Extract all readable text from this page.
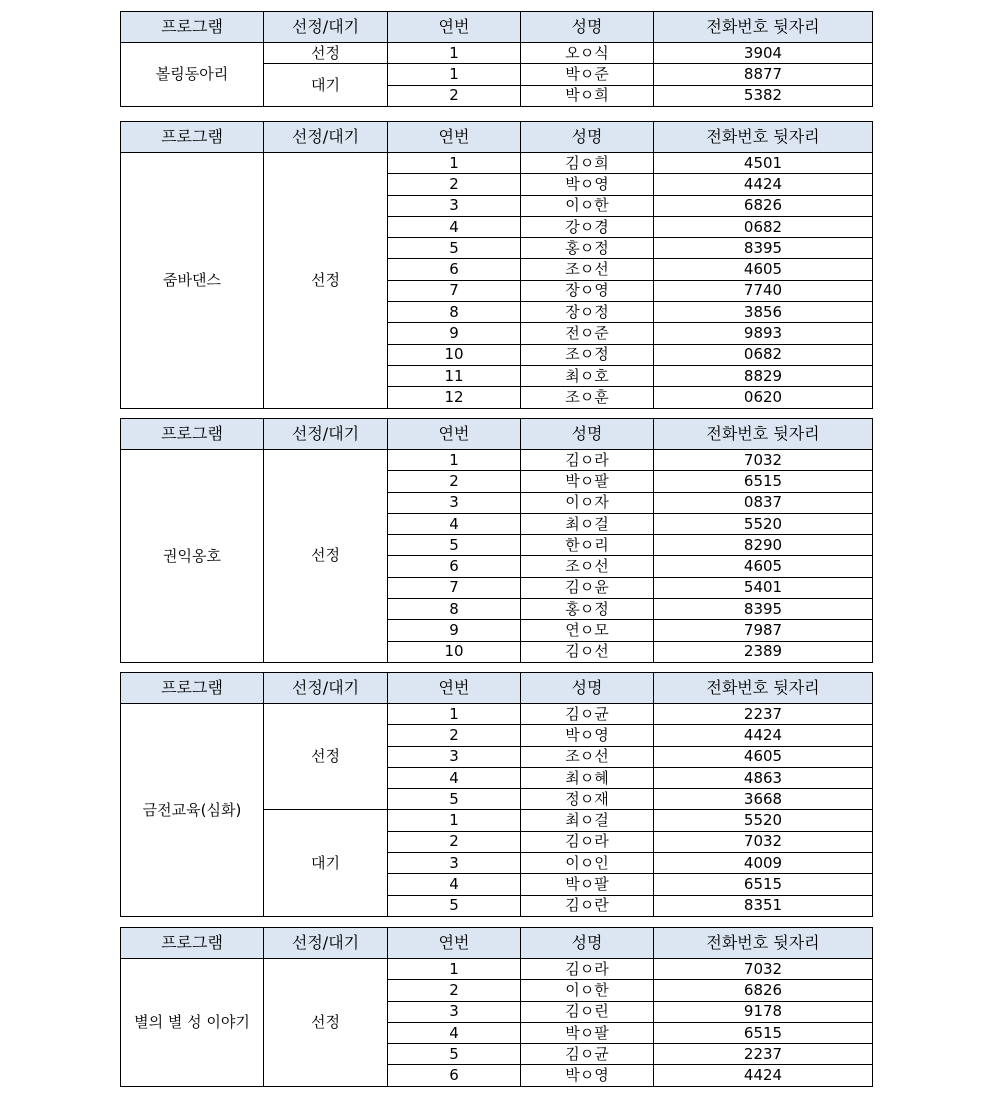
프로그램	선정/대기	연번	성명	전화번호 뒷자리
볼링동아리	선정	1	오ㅇ식	3904
	대기	1	박ㅇ준	8877
		2	박ㅇ희	5382
프로그램	선정/대기	연번	성명	전화번호 뒷자리
줌바댄스	선정	1	김ㅇ희	4501
		2	박ㅇ영	4424
		3	이ㅇ한	6826
		4	강ㅇ경	0682
		5	홍ㅇ정	8395
		6	조ㅇ선	4605
		7	장ㅇ영	7740
		8	장ㅇ정	3856
		9	전ㅇ준	9893
		10	조ㅇ정	0682
		11	최ㅇ호	8829
		12	조ㅇ훈	0620
프로그램	선정/대기	연번	성명	전화번호 뒷자리
권익옹호	선정	1	김ㅇ라	7032
		2	박ㅇ팔	6515
		3	이ㅇ자	0837
		4	최ㅇ걸	5520
		5	한ㅇ리	8290
		6	조ㅇ선	4605
		7	김ㅇ윤	5401
		8	홍ㅇ정	8395
		9	연ㅇ모	7987
		10	김ㅇ선	2389
프로그램	선정/대기	연번	성명	전화번호 뒷자리
금전교육(심화)	선정	1	김ㅇ균	2237
		2	박ㅇ영	4424
		3	조ㅇ선	4605
		4	최ㅇ혜	4863
		5	정ㅇ재	3668
	대기	1	최ㅇ걸	5520
		2	김ㅇ라	7032
		3	이ㅇ인	4009
		4	박ㅇ팔	6515
		5	김ㅇ란	8351
프로그램	선정/대기	연번	성명	전화번호 뒷자리
별의 별 성 이야기	선정	1	김ㅇ라	7032
		2	이ㅇ한	6826
		3	김ㅇ린	9178
		4	박ㅇ팔	6515
		5	김ㅇ균	2237
		6	박ㅇ영	4424
